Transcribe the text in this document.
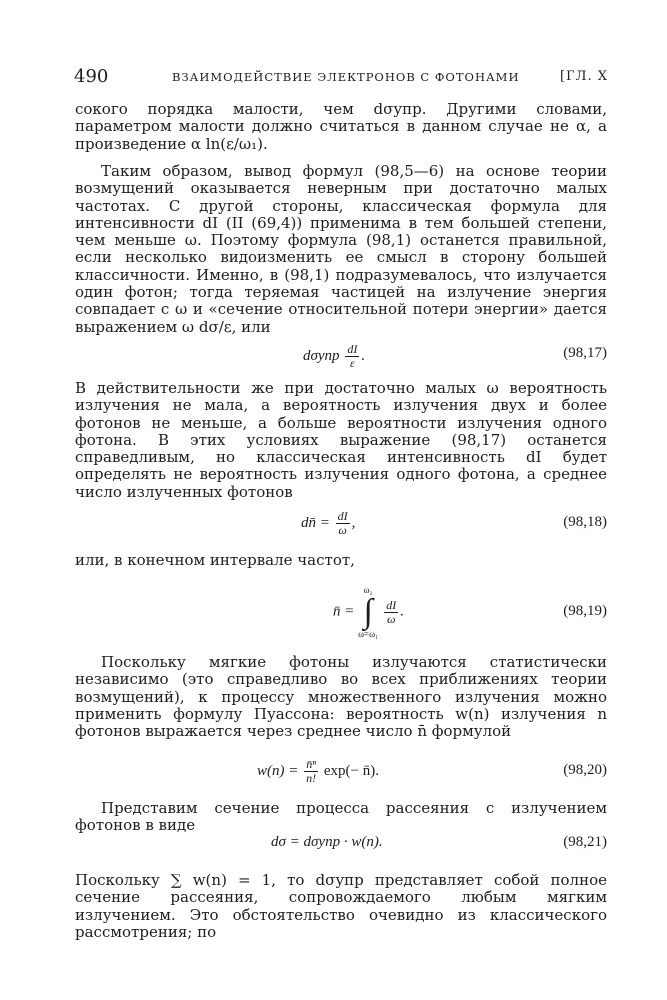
490	ВЗАИМОДЕЙСТВИЕ ЭЛЕКТРОНОВ С ФОТОНАМИ	[ГЛ. X

сокого порядка малости, чем dσупр. Другими словами, параметром малости должно считаться в данном случае не α, а произведение α ln(ε/ω₁).

Таким образом, вывод формул (98,5—6) на основе теории возмущений оказывается неверным при достаточно малых частотах. С другой стороны, классическая формула для интенсивности dI (II (69,4)) применима в тем большей степени, чем меньше ω. Поэтому формула (98,1) останется правильной, если несколько видоизменить ее смысл в сторону большей классичности. Именно, в (98,1) подразумевалось, что излучается один фотон; тогда теряемая частицей на излучение энергия совпадает с ω и «сечение относительной потери энергии» дается выражением ω dσ/ε, или

dσупр $\frac{dI}{\varepsilon}$ .	(98,17)

В действительности же при достаточно малых ω вероятность излучения не мала, а вероятность излучения двух и более фотонов не меньше, а больше вероятности излучения одного фотона. В этих условиях выражение (98,17) останется справедливым, но классическая интенсивность dI будет определять не вероятность излучения одного фотона, а среднее число излученных фотонов

dn̄ = $\frac{dI}{\omega}$ ,	(98,18)

или, в конечном интервале частот,

n̄ = ω₂
∫
ω=ω₁
$\frac{dI}{\omega}$ .	(98,19)

Поскольку мягкие фотоны излучаются статистически независимо (это справедливо во всех приближениях теории возмущений), к процессу множественного излучения можно применить формулу Пуассона: вероятность w(n) излучения n фотонов выражается через среднее число n̄ формулой

$w(n) = \frac{\text{n̄ⁿ}}{n!} \exp(-$ n̄).	(98,20)

Представим сечение процесса рассеяния с излучением фотонов в виде

dσ = dσупр · w(n).	(98,21)

Поскольку ∑ w(n) = 1, то dσупр представляет собой полное сечение рассеяния, сопровождаемого любым мягким излучением. Это обстоятельство очевидно из классического рассмотрения; по
